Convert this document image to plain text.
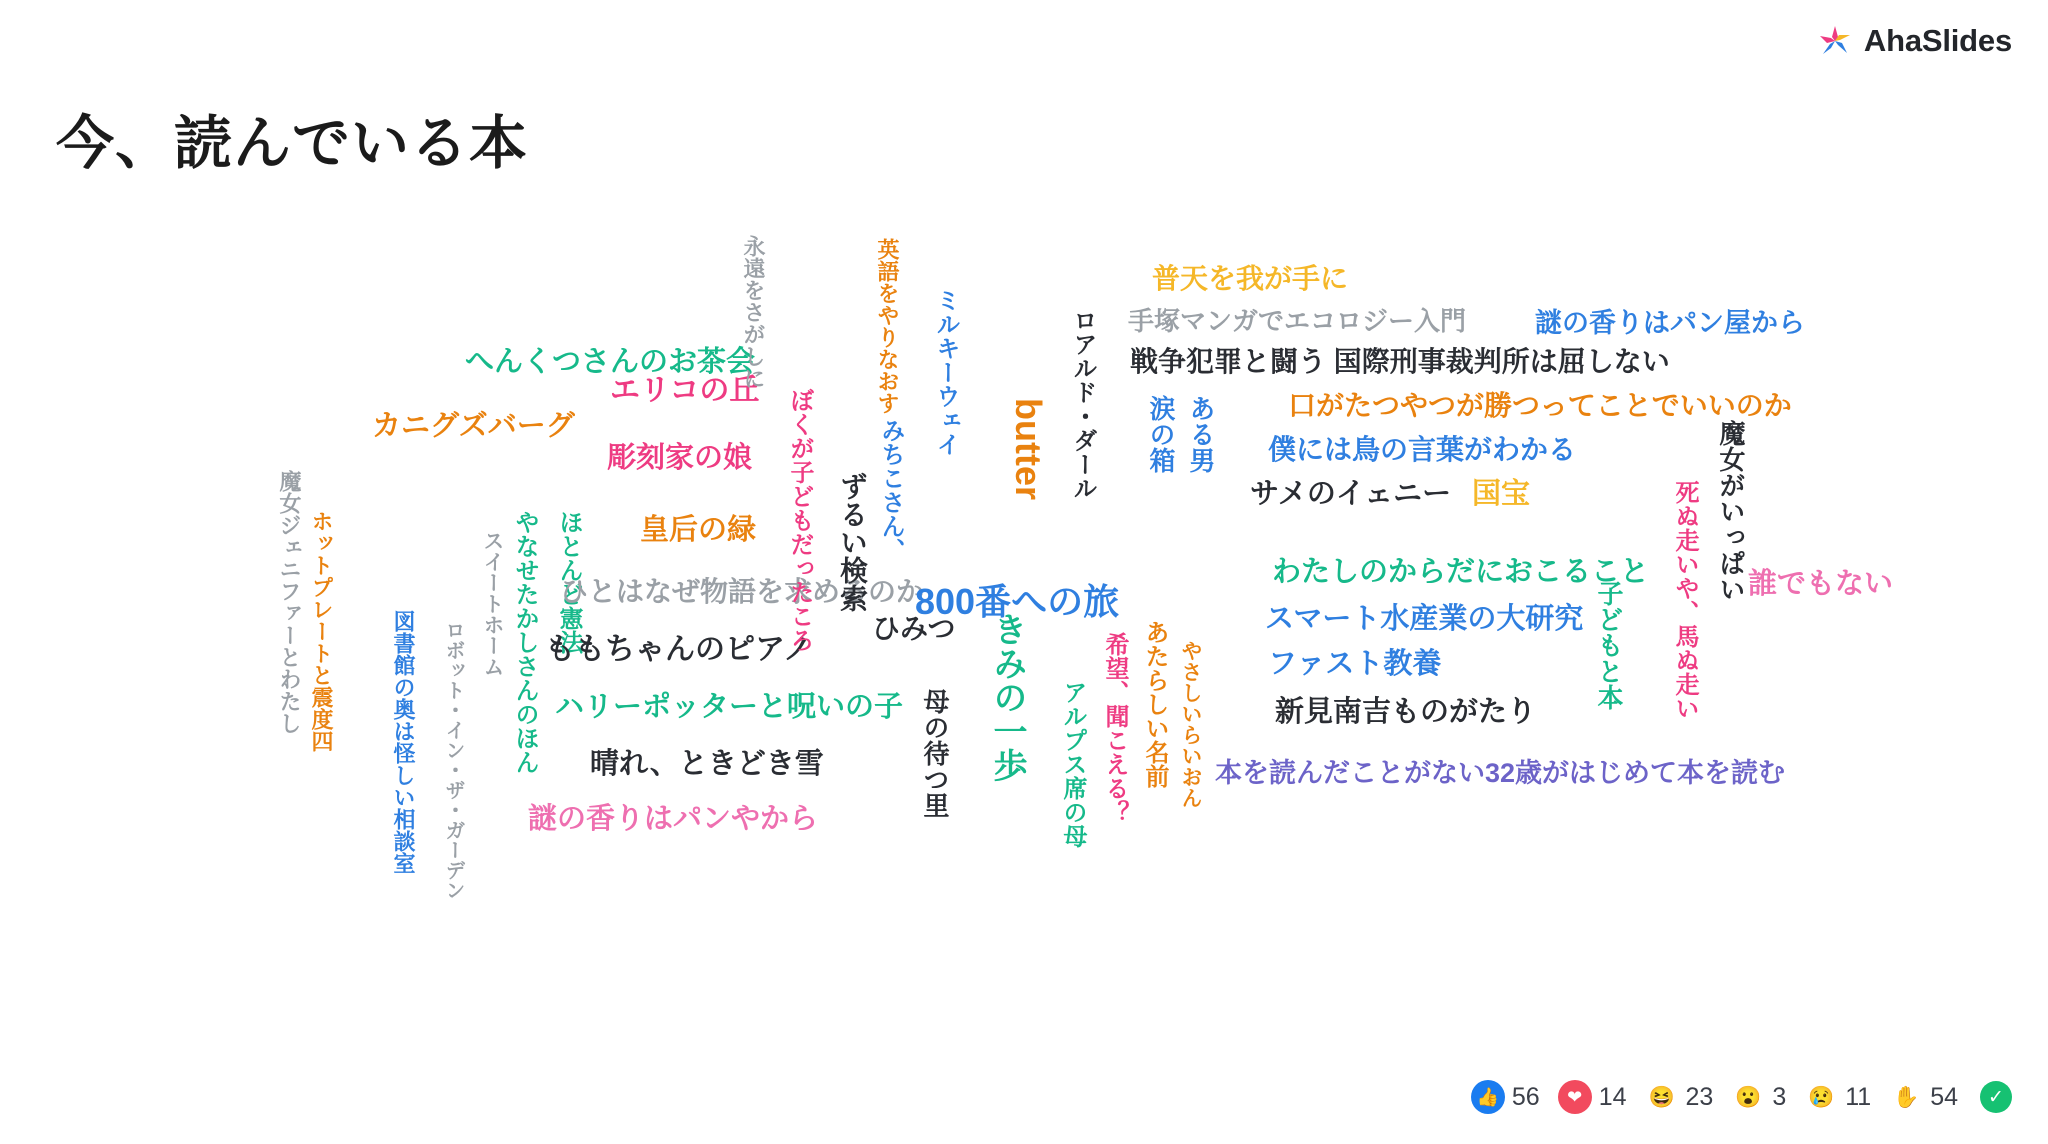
AhaSlides
今、読んでいる本
魔女ジェニファーとわたし ホットプレートと震度四	図書館の奥は怪しい相談室 ロボット・イン・ザ・ガーデン
スイートホーム やなせたかしさんのほん ほとんど憲法
カニグズバーグ
へんくつさんのお茶会
エリコの丘
彫刻家の娘
皇后の緑
ひとはなぜ物語を求めるのか
ももちゃんのピアノ
ハリーポッターと呪いの子
晴れ、ときどき雪
謎の香りはパンやから
ぼくが子どもだったころ
永遠をさがしに	英語をやりなおす
ずるい検索 みちこさん、
ミルキーウェイ butter ロアルド・ダール
800番への旅
きみの一歩
母の待つ里
ひみつ
アルプス席の母 希望、聞こえる？ あたらしい名前 やさしいらいおん
涙の箱 ある男
普天を我が手に
手塚マンガでエコロジー入門
戦争犯罪と闘う 国際刑事裁判所は屈しない
謎の香りはパン屋から
口がたつやつが勝つってことでいいのか
僕には鳥の言葉がわかる
サメのイェニー 国宝
わたしのからだにおこること
スマート水産業の大研究
ファスト教養
新見南吉ものがたり
本を読んだことがない32歳がはじめて本を読む
子どもと本 死ぬ走いや、馬ぬ走い 魔女がいっぱい 誰でもない
👍 56	❤ 14 😆 23 😮 3 😢 11 ✋ 54	✓
